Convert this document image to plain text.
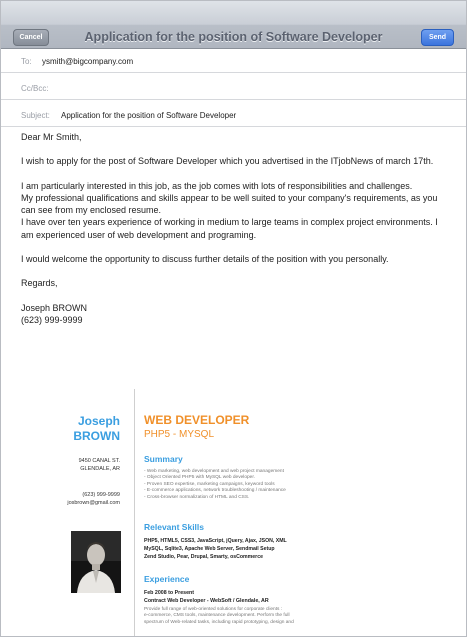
Cancel	Application for the position of Software Developer	Send
To: ysmith@bigcompany.com
Cc/Bcc:
Subject: Application for the position of Software Developer

Dear Mr Smith,

I wish to apply for the post of Software Developer which you advertised in the ITjobNews of march 17th.

I am particularly interested in this job, as the job comes with lots of responsibilities and challenges.

My professional qualifications and skills appear to be well suited to your company's requirements, as you can see from my enclosed resume.

I have over ten years experience of working in medium to large teams in complex project environments. I am experienced user of web development and programing.

I would welcome the opportunity to discuss further details of the position with you personally.

Regards,

Joseph BROWN

(623) 999-9999

Joseph
BROWN
9450 CANAL ST.
GLENDALE, AR
(623) 999-9999
josbrown@gmail.com
WEB DEVELOPER
PHP5 - MYSQL
Summary
- Web marketing, web development and web project management
- Object Oriented PHP5 with MySQL web developer.
- Proven SEO expertise, marketing campaigns, keyword tools
- E-commerce applications, network troubleshooting / maintenance
- Cross-browser normalization of HTML and CSS.
Relevant Skills
PHP5, HTML5, CSS3, JavaScript, jQuery, Ajax, JSON, XML
MySQL, Sqlite3, Apache Web Server, Sendmail Setup
Zend Studio, Pear, Drupal, Smarty, osCommerce
Experience
Feb 2008 to Present
Contract Web Developer - WebSoft / Glendale, AR
Provide full range of web-oriented solutions for corporate clients :
e-commerce, CMS tools, maintenance development. Perform the full
spectrum of Web-related tasks, including rapid prototyping, design and
